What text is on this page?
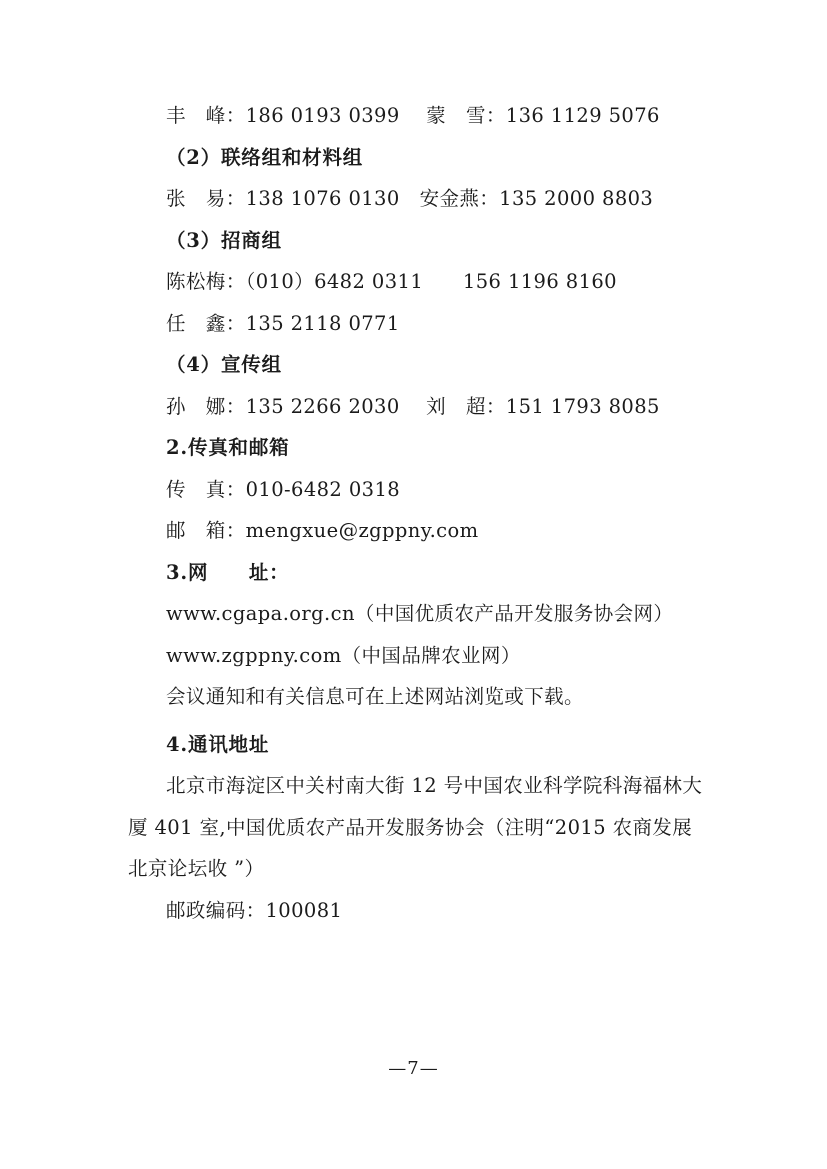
丰　峰：186 0193 0399　 蒙　雪：136 1129 5076
（2）联络组和材料组
张　易：138 1076 0130　安金燕：135 2000 8803
（3）招商组
陈松梅：（010）6482 0311　　156 1196 8160
任　鑫：135 2118 0771
（4）宣传组
孙　娜：135 2266 2030　 刘　超：151 1793 8085
2.传真和邮箱
传　真：010-6482 0318
邮　箱：mengxue@zgppny.com
3.网　　址：
www.cgapa.org.cn（中国优质农产品开发服务协会网）
www.zgppny.com（中国品牌农业网）
会议通知和有关信息可在上述网站浏览或下载。
4.通讯地址
北京市海淀区中关村南大街 12 号中国农业科学院科海福林大厦 401 室,中国优质农产品开发服务协会（注明“2015 农商发展北京论坛收 ”）
邮政编码：100081
—7—
